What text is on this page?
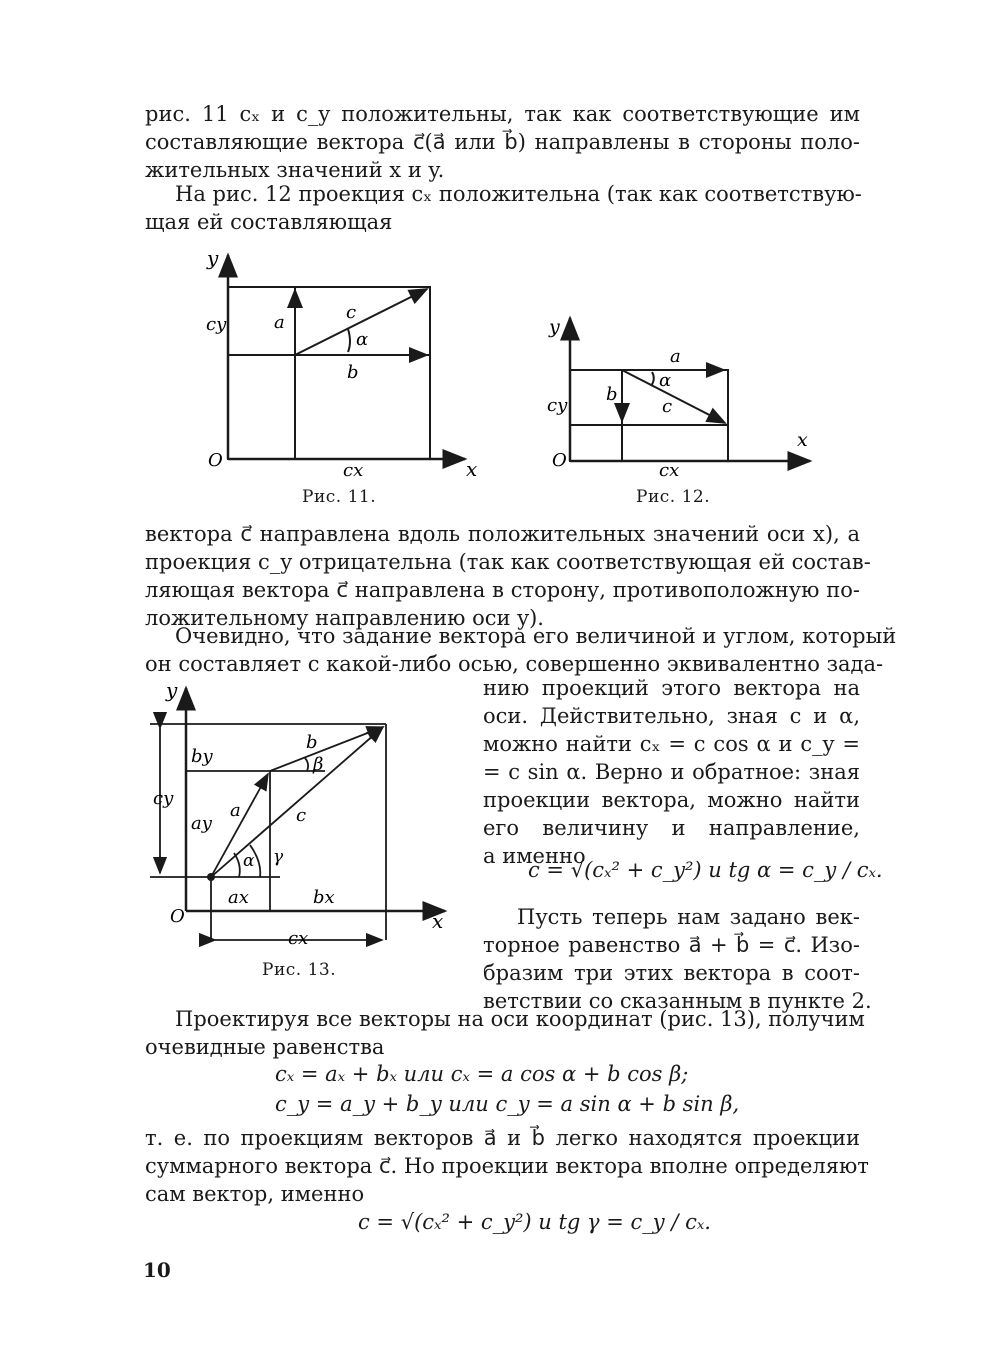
рис. 11 cₓ и c_y положительны, так как соответствующие им
составляющие вектора c⃗(a⃗ или b⃗) направлены в стороны поло-
жительных значений x и y.
На рис. 12 проекция cₓ положительна (так как соответствую-
щая ей составляющая
y
cy	a	c
α
b
O	cx	x
Рис. 11.
y
a
α
b
c
cy
x
O	cx
Рис. 12.
вектора c⃗ направлена вдоль положительных значений оси x), а
проекция c_y отрицательна (так как соответствующая ей состав-
ляющая вектора c⃗ направлена в сторону, противоположную по-
ложительному направлению оси y).
Очевидно, что задание вектора его величиной и углом, который
он составляет с какой-либо осью, совершенно эквивалентно зада-
нию проекций этого вектора на
оси. Действительно, зная c и α,
можно найти cₓ = c cos α и c_y =
= c sin α. Верно и обратное: зная
проекции вектора, можно найти
его величину и направление,
а именно
c = √(cₓ² + c_y²) и tg α = c_y / cₓ.
y
by
b
β
cy
a	c
ay
α γ
ax	bx
O	x
cx
Рис. 13.
Пусть теперь нам задано век-
торное равенство a⃗ + b⃗ = c⃗. Изо-
бразим три этих вектора в соот-
ветствии со сказанным в пункте 2.
Проектируя все векторы на оси координат (рис. 13), получим
очевидные равенства
cₓ = aₓ + bₓ или cₓ = a cos α + b cos β;
c_y = a_y + b_y или c_y = a sin α + b sin β,
т. е. по проекциям векторов a⃗ и b⃗ легко находятся проекции
суммарного вектора c⃗. Но проекции вектора вполне определяют
сам вектор, именно
c = √(cₓ² + c_y²) и tg γ = c_y / cₓ.
10
